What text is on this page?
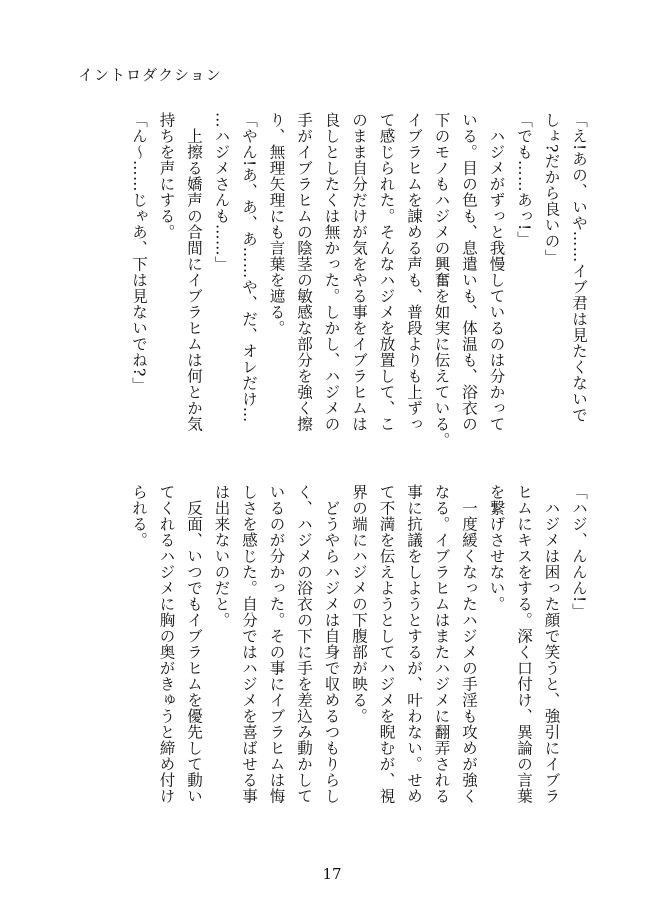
イントロダクション
「え!あの、いや……イブ君は見たくないで
しょ?だから良いの」
「でも……あっ!」
　ハジメがずっと我慢しているのは分かって
いる。目の色も、息遣いも、体温も、浴衣の
下のモノもハジメの興奮を如実に伝えている。
イブラヒムを諌める声も、普段よりも上ずっ
て感じられた。そんなハジメを放置して、こ
のまま自分だけが気をやる事をイブラヒムは
良しとしたくは無かった。しかし、ハジメの
手がイブラヒムの陰茎の敏感な部分を強く擦
り、無理矢理にも言葉を遮る。
「やん!あ、あ、あ……や、だ、オレだけ…
…ハジメさんも……」
　上擦る嬌声の合間にイブラヒムは何とか気
持ちを声にする。
「ん～……じゃあ、下は見ないでね?」
「ハジ、んんん!」
　ハジメは困った顔で笑うと、強引にイブラ
ヒムにキスをする。深く口付け、異論の言葉
を繋げさせない。
　一度緩くなったハジメの手淫も攻めが強く
なる。イブラヒムはまたハジメに翻弄される
事に抗議をしようとするが、叶わない。せめ
て不満を伝えようとしてハジメを睨むが、視
界の端にハジメの下腹部が映る。
　どうやらハジメは自身で収めるつもりらし
く、ハジメの浴衣の下に手を差込み動かして
いるのが分かった。その事にイブラヒムは悔
しさを感じた。自分ではハジメを喜ばせる事
は出来ないのだと。
　反面、いつでもイブラヒムを優先して動い
てくれるハジメに胸の奥がきゅうと締め付け
られる。
17
